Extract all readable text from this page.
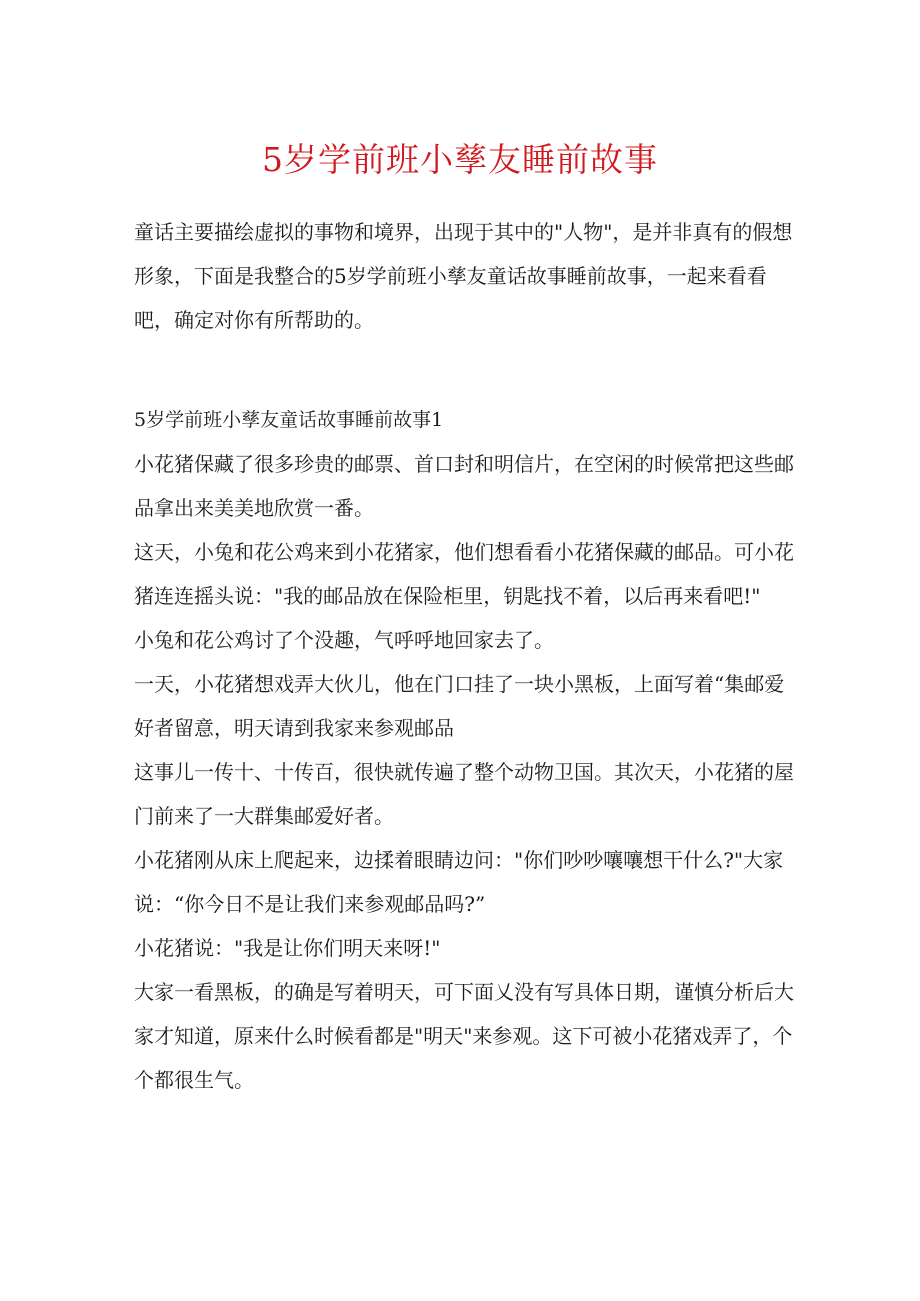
5岁学前班小孳友睡前故事

童话主要描绘虚拟的事物和境界，出现于其中的"人物"，是并非真有的假想形象，下面是我整合的5岁学前班小孳友童话故事睡前故事，一起来看看吧，确定对你有所帮助的。

5岁学前班小孳友童话故事睡前故事1

小花猪保藏了很多珍贵的邮票、首口封和明信片，在空闲的时候常把这些邮品拿出来美美地欣赏一番。

这天，小兔和花公鸡来到小花猪家，他们想看看小花猪保藏的邮品。可小花猪连连摇头说："我的邮品放在保险柜里，钥匙找不着，以后再来看吧!"

小兔和花公鸡讨了个没趣，气呼呼地回家去了。

一天，小花猪想戏弄大伙儿，他在门口挂了一块小黑板，上面写着“集邮爱好者留意，明天请到我家来参观邮品

这事儿一传十、十传百，很快就传遍了整个动物卫国。其次天，小花猪的屋门前来了一大群集邮爱好者。

小花猪刚从床上爬起来，边揉着眼睛边问："你们吵吵嚷嚷想干什么?"大家说：“你今日不是让我们来参观邮品吗?”

小花猪说："我是让你们明天来呀!"

大家一看黑板，的确是写着明天，可下面乂没有写具体日期，谨慎分析后大家才知道，原来什么时候看都是"明天"来参观。这下可被小花猪戏弄了，个个都很生气。
